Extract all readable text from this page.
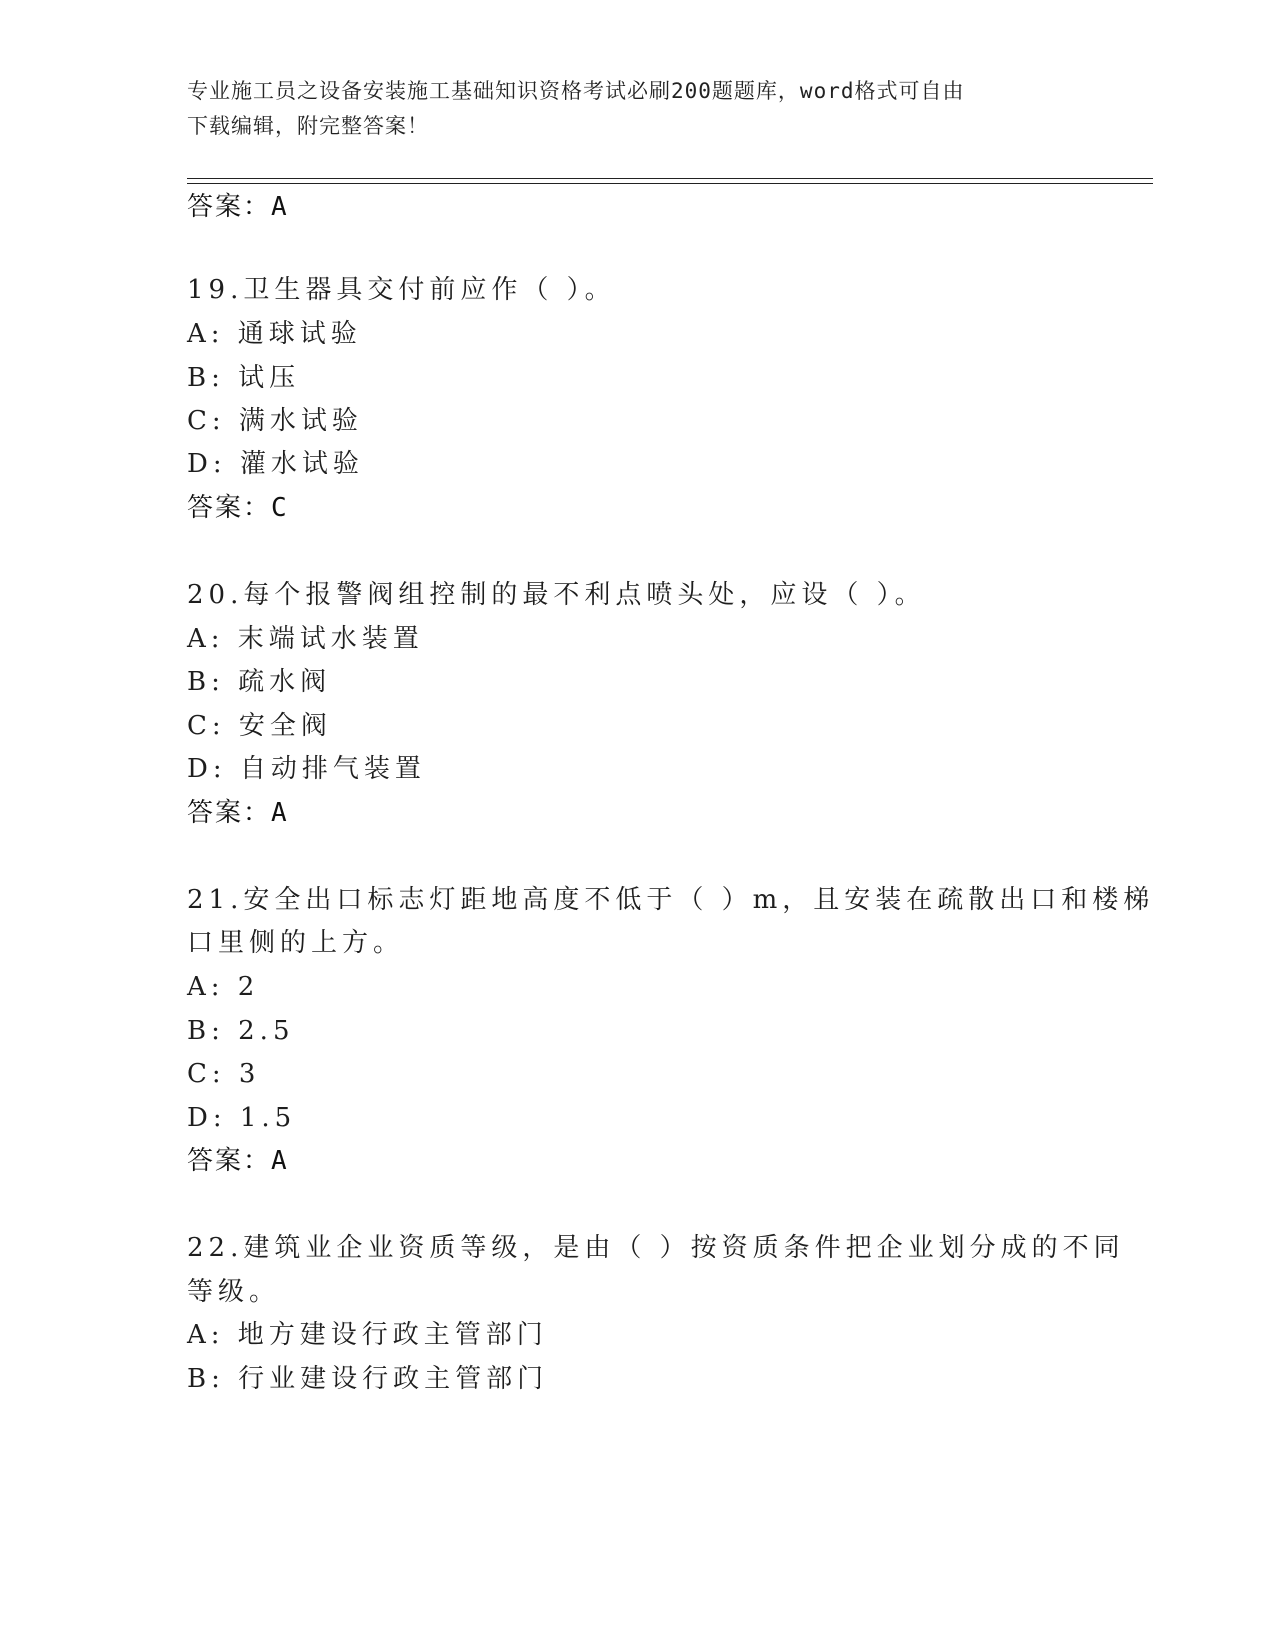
专业施工员之设备安装施工基础知识资格考试必刷200题题库，word格式可自由
下载编辑，附完整答案！
答案：A
19.卫生器具交付前应作（ ）。
A: 通球试验
B: 试压
C: 满水试验
D: 灌水试验
答案：C
20.每个报警阀组控制的最不利点喷头处，应设（ ）。
A: 末端试水装置
B: 疏水阀
C: 安全阀
D: 自动排气装置
答案：A
21.安全出口标志灯距地高度不低于（ ）m，且安装在疏散出口和楼梯
口里侧的上方。
A: 2
B: 2.5
C: 3
D: 1.5
答案：A
22.建筑业企业资质等级，是由（ ）按资质条件把企业划分成的不同
等级。
A: 地方建设行政主管部门
B: 行业建设行政主管部门
